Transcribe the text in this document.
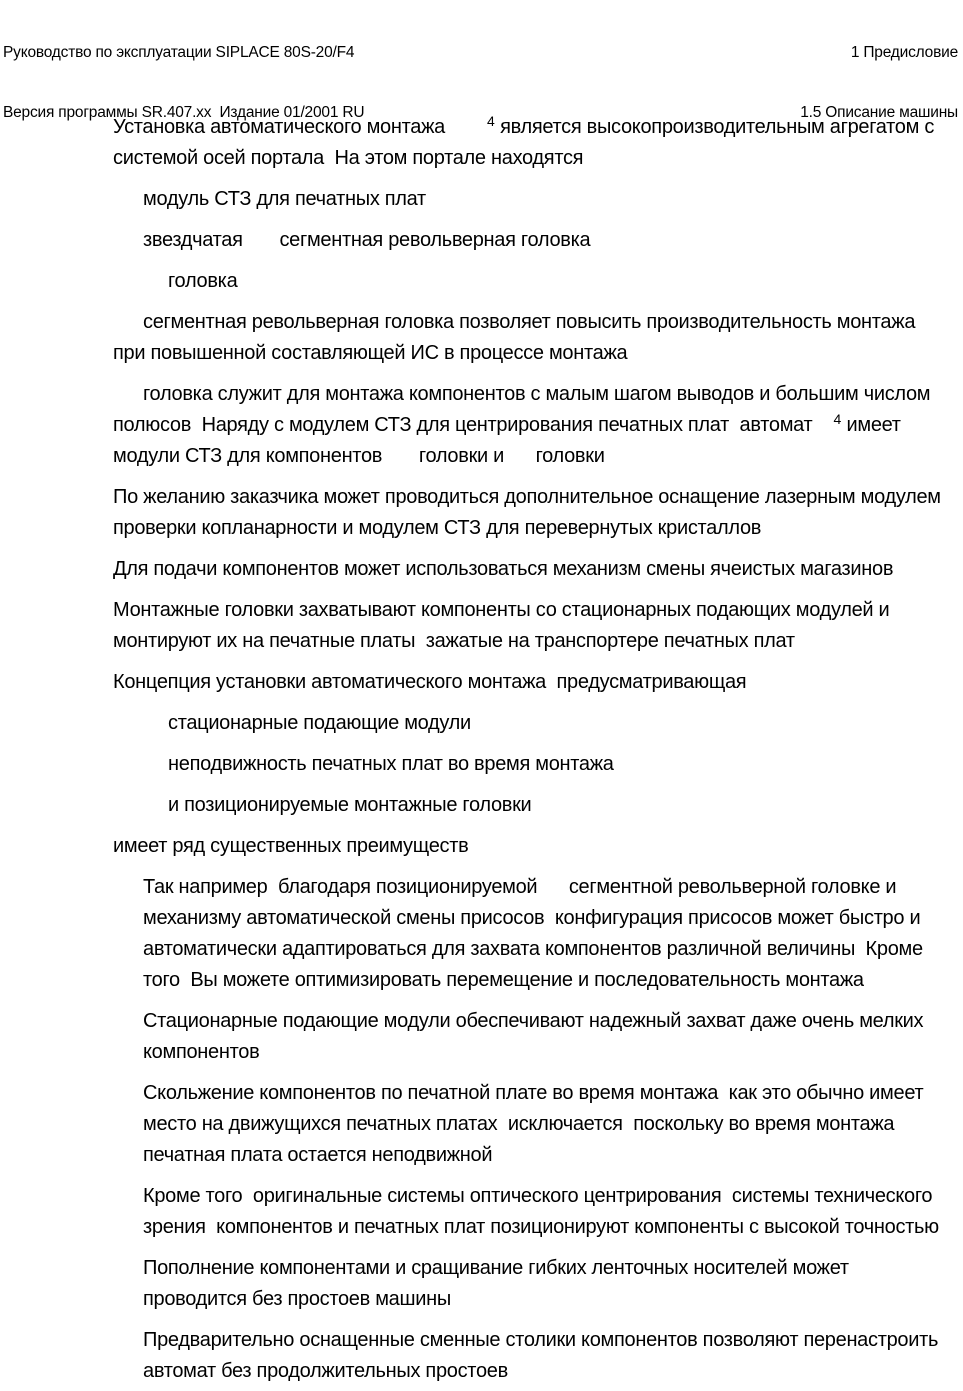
Руководство по эксплуатации SIPLACE 80S-20/F4

Версия программы SR.407.xx  Издание 01/2001 RU

1 Предисловие

1.5 Описание машины

Установка автоматического монтажа        $^4$ является высокопроизводительным агрегатом с
системой осей портала  На этом портале находятся
модуль СТЗ для печатных плат
звездчатая       сегментная револьверная головка
головка
сегментная револьверная головка позволяет повысить производительность монтажа
при повышенной составляющей ИС в процессе монтажа
головка служит для монтажа компонентов с малым шагом выводов и большим числом
полюсов  Наряду с модулем СТЗ для центрирования печатных плат  автомат    $^4$ имеет
модули СТЗ для компонентов       головки и      головки
По желанию заказчика может проводиться дополнительное оснащение лазерным модулем
проверки копланарности и модулем СТЗ для перевернутых кристаллов
Для подачи компонентов может использоваться механизм смены ячеистых магазинов
Монтажные головки захватывают компоненты со стационарных подающих модулей и
монтируют их на печатные платы  зажатые на транспортере печатных плат
Концепция установки автоматического монтажа  предусматривающая
стационарные подающие модули
неподвижность печатных плат во время монтажа
и позиционируемые монтажные головки
имеет ряд существенных преимуществ
Так например  благодаря позиционируемой      сегментной револьверной головке и
механизму автоматической смены присосов  конфигурация присосов может быстро и
автоматически адаптироваться для захвата компонентов различной величины  Кроме
того  Вы можете оптимизировать перемещение и последовательность монтажа
Стационарные подающие модули обеспечивают надежный захват даже очень мелких
компонентов
Скольжение компонентов по печатной плате во время монтажа  как это обычно имеет
место на движущихся печатных платах  исключается  поскольку во время монтажа
печатная плата остается неподвижной
Кроме того  оригинальные системы оптического центрирования  системы технического
зрения  компонентов и печатных плат позиционируют компоненты с высокой точностью
Пополнение компонентами и сращивание гибких ленточных носителей может
проводится без простоев машины
Предварительно оснащенные сменные столики компонентов позволяют перенастроить
автомат без продолжительных простоев
